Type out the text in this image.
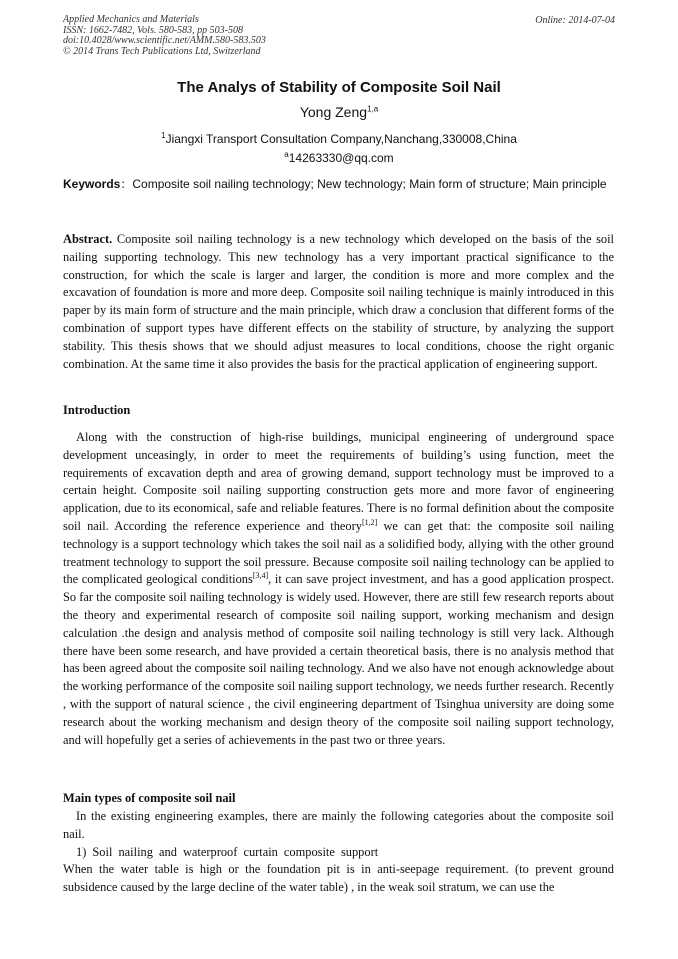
Applied Mechanics and Materials
ISSN: 1662-7482, Vols. 580-583, pp 503-508
doi:10.4028/www.scientific.net/AMM.580-583.503
© 2014 Trans Tech Publications Ltd, Switzerland
Online: 2014-07-04
The Analys of Stability of Composite Soil Nail
Yong Zeng$^{1,a}$
$^1$Jiangxi Transport Consultation Company,Nanchang,330008,China
$^a$14263330@qq.com
Keywords：Composite soil nailing technology; New technology; Main form of structure; Main principle
Abstract. Composite soil nailing technology is a new technology which developed on the basis of the soil nailing supporting technology. This new technology has a very important practical significance to the construction, for which the scale is larger and larger, the condition is more and more complex and the excavation of foundation is more and more deep. Composite soil nailing technique is mainly introduced in this paper by its main form of structure and the main principle, which draw a conclusion that different forms of the combination of support types have different effects on the stability of structure, by analyzing the support stability. This thesis shows that we should adjust measures to local conditions, choose the right organic combination. At the same time it also provides the basis for the practical application of engineering support.
Introduction
Along with the construction of high-rise buildings, municipal engineering of underground space development unceasingly, in order to meet the requirements of building’s using function, meet the requirements of excavation depth and area of growing demand, support technology must be improved to a certain height. Composite soil nailing supporting construction gets more and more favor of engineering application, due to its economical, safe and reliable features. There is no formal definition about the composite soil nail. According the reference experience and theory[1,2] we can get that: the composite soil nailing technology is a support technology which takes the soil nail as a solidified body, allying with the other ground treatment technology to support the soil pressure. Because composite soil nailing technology can be applied to the complicated geological conditions[3,4], it can save project investment, and has a good application prospect. So far the composite soil nailing technology is widely used. However, there are still few research reports about the theory and experimental research of composite soil nailing support, working mechanism and design calculation .the design and analysis method of composite soil nailing technology is still very lack. Although there have been some research, and have provided a certain theoretical basis, there is no analysis method that has been agreed about the composite soil nailing technology. And we also have not enough acknowledge about the working performance of the composite soil nailing support technology, we needs further research. Recently , with the support of natural science , the civil engineering department of Tsinghua university are doing some research about the working mechanism and design theory of the composite soil nailing support technology, and will hopefully get a series of achievements in the past two or three years.
Main types of composite soil nail

In the existing engineering examples, there are mainly the following categories about the composite soil nail.

1) Soil nailing and waterproof curtain composite support

When the water table is high or the foundation pit is in anti-seepage requirement. (to prevent ground subsidence caused by the large decline of the water table) , in the weak soil stratum, we can use the
